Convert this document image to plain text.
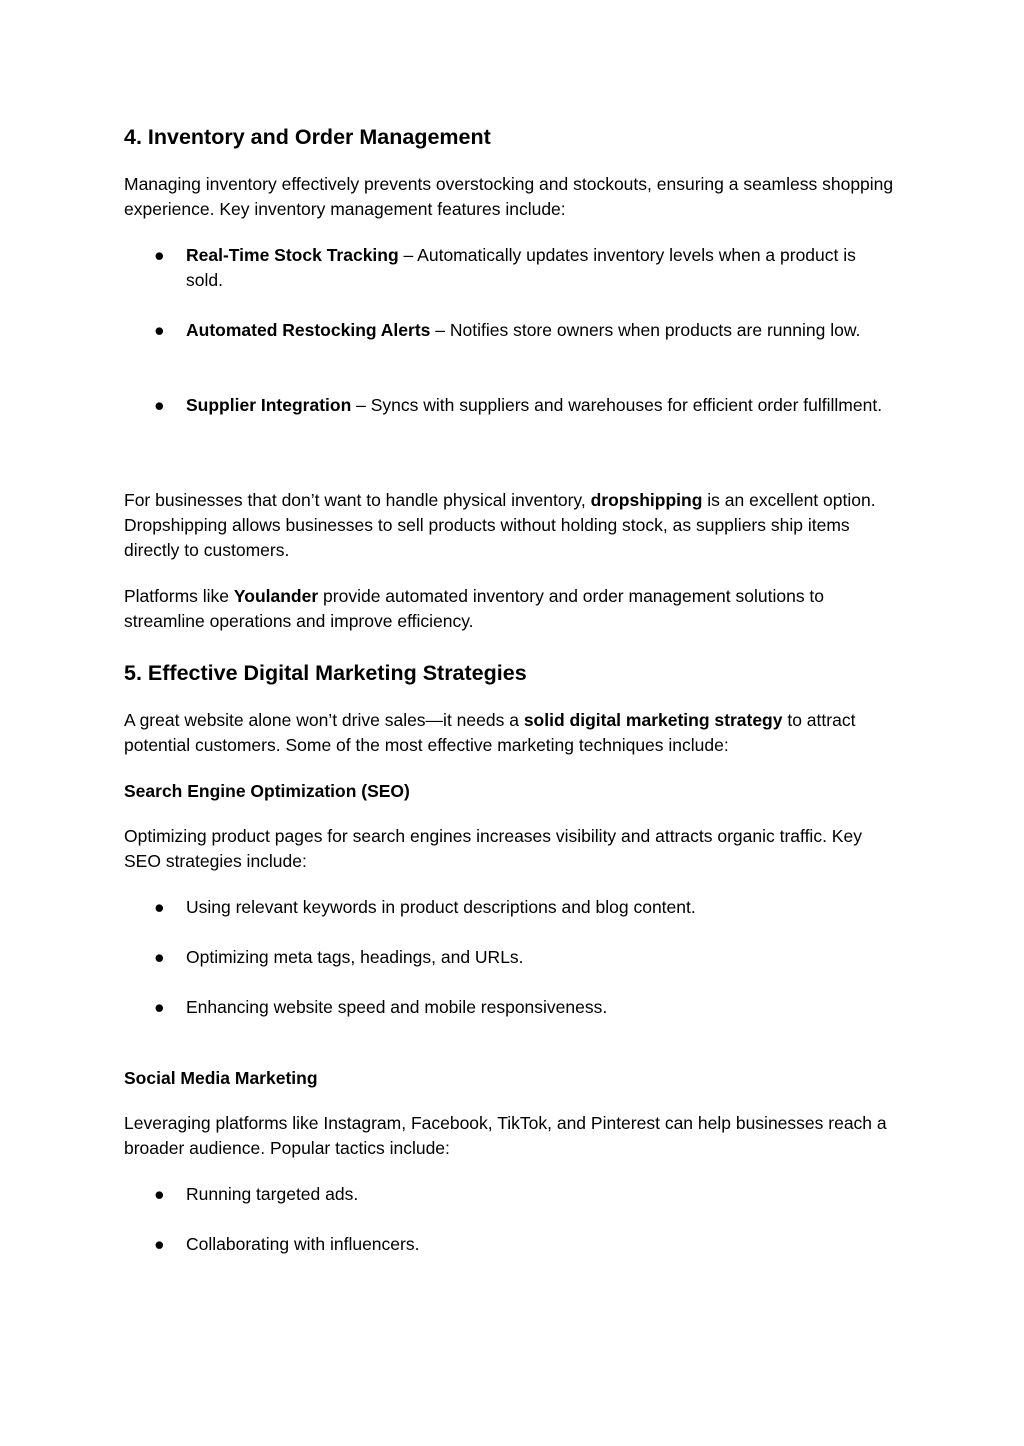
4. Inventory and Order Management

Managing inventory effectively prevents overstocking and stockouts, ensuring a seamless shopping experience. Key inventory management features include:

● Real-Time Stock Tracking – Automatically updates inventory levels when a product is sold.
● Automated Restocking Alerts – Notifies store owners when products are running low.
● Supplier Integration – Syncs with suppliers and warehouses for efficient order fulfillment.

For businesses that don’t want to handle physical inventory, dropshipping is an excellent option. Dropshipping allows businesses to sell products without holding stock, as suppliers ship items directly to customers.

Platforms like Youlander provide automated inventory and order management solutions to streamline operations and improve efficiency.

5. Effective Digital Marketing Strategies

A great website alone won’t drive sales—it needs a solid digital marketing strategy to attract potential customers. Some of the most effective marketing techniques include:

Search Engine Optimization (SEO)

Optimizing product pages for search engines increases visibility and attracts organic traffic. Key SEO strategies include:

● Using relevant keywords in product descriptions and blog content.
● Optimizing meta tags, headings, and URLs.
● Enhancing website speed and mobile responsiveness.
Social Media Marketing

Leveraging platforms like Instagram, Facebook, TikTok, and Pinterest can help businesses reach a broader audience. Popular tactics include:

● Running targeted ads.
● Collaborating with influencers.
